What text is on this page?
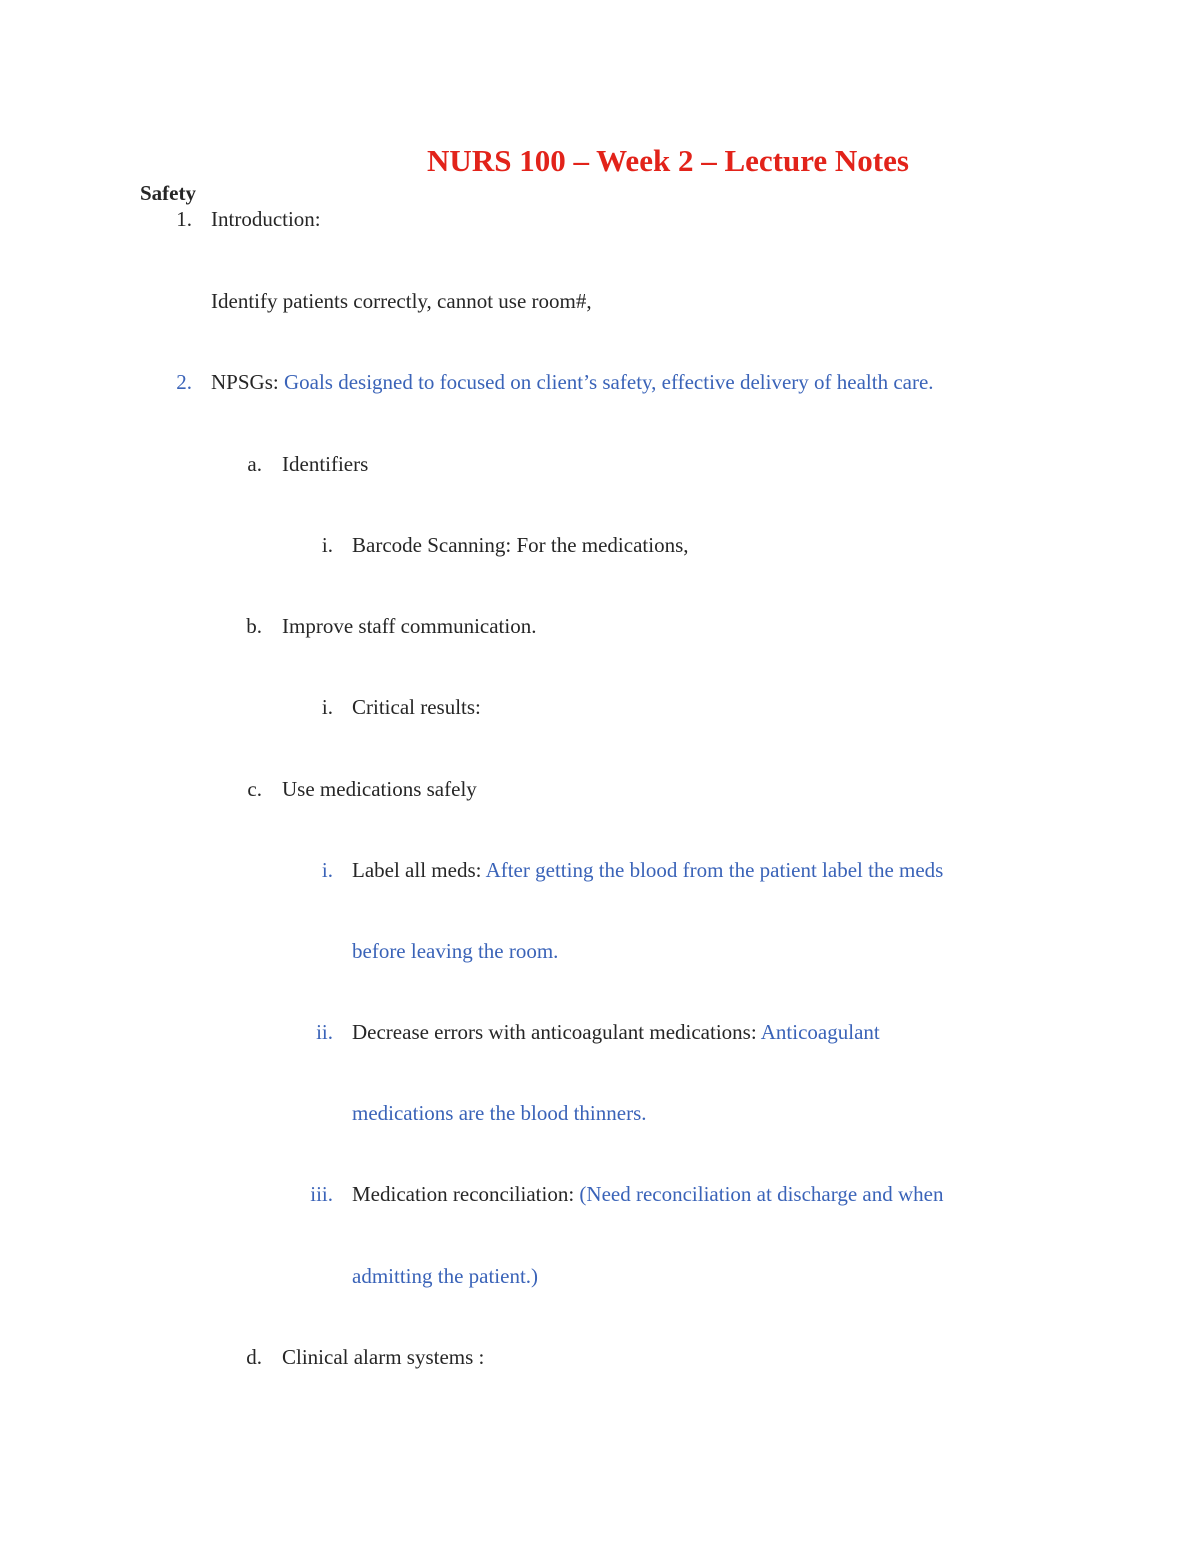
NURS 100 – Week 2 – Lecture Notes
Safety
1. Introduction:
Identify patients correctly, cannot use room#,
2. NPSGs: Goals designed to focused on client’s safety, effective delivery of health care.
a. Identifiers
i. Barcode Scanning: For the medications,
b. Improve staff communication.
i. Critical results:
c. Use medications safely
i. Label all meds: After getting the blood from the patient label the meds
before leaving the room.
ii. Decrease errors with anticoagulant medications: Anticoagulant
medications are the blood thinners.
iii. Medication reconciliation: (Need reconciliation at discharge and when
admitting the patient.)
d. Clinical alarm systems :
